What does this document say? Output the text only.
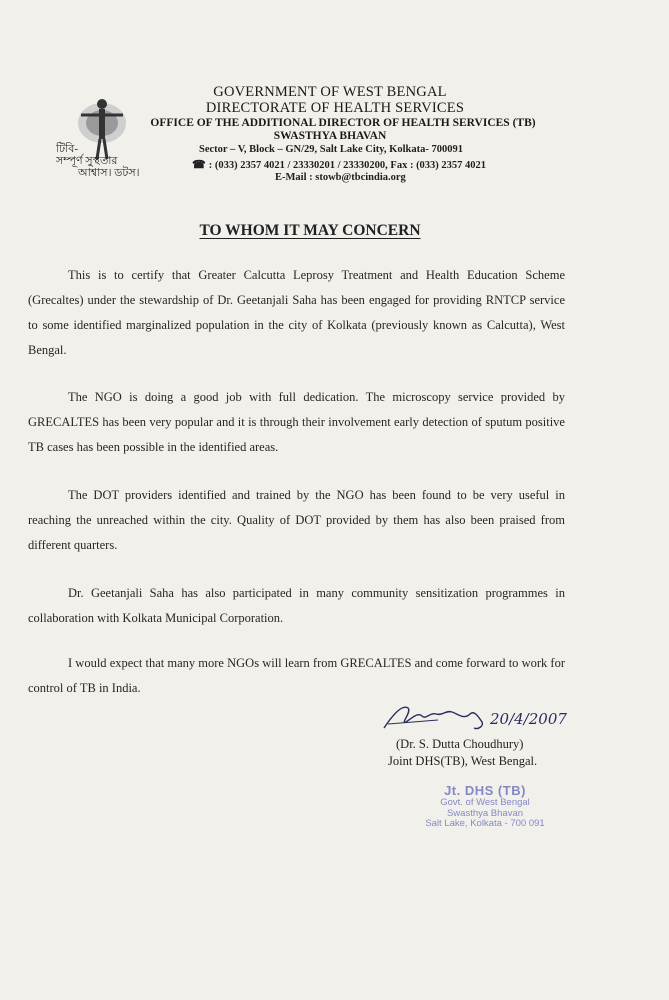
টিবি-
সম্পূর্ণ সুস্থতার
আশ্বাস। ডটস।
GOVERNMENT OF WEST BENGAL
DIRECTORATE OF HEALTH SERVICES
OFFICE OF THE ADDITIONAL DIRECTOR OF HEALTH SERVICES (TB)
SWASTHYA BHAVAN
Sector – V, Block – GN/29, Salt Lake City, Kolkata- 700091
☎ : (033) 2357 4021 / 23330201 / 23330200, Fax : (033) 2357 4021
E-Mail : stowb@tbcindia.org
TO WHOM IT MAY CONCERN

This is to certify that Greater Calcutta Leprosy Treatment and Health Education Scheme (Grecaltes) under the stewardship of Dr. Geetanjali Saha has been engaged for providing RNTCP service to some identified marginalized population in the city of Kolkata (previously known as Calcutta), West Bengal.

The NGO is doing a good job with full dedication. The microscopy service provided by GRECALTES has been very popular and it is through their involvement early detection of sputum positive TB cases has been possible in the identified areas.

The DOT providers identified and trained by the NGO has been found to be very useful in reaching the unreached within the city. Quality of DOT provided by them has also been praised from different quarters.

Dr. Geetanjali Saha has also participated in many community sensitization programmes in collaboration with Kolkata Municipal Corporation.

I would expect that many more NGOs will learn from GRECALTES and come forward to work for control of TB in India.

20/4/2007
(Dr. S. Dutta Choudhury)
Joint DHS(TB), West Bengal.
Jt. DHS (TB)
Govt. of West Bengal
Swasthya Bhavan
Salt Lake, Kolkata - 700 091
